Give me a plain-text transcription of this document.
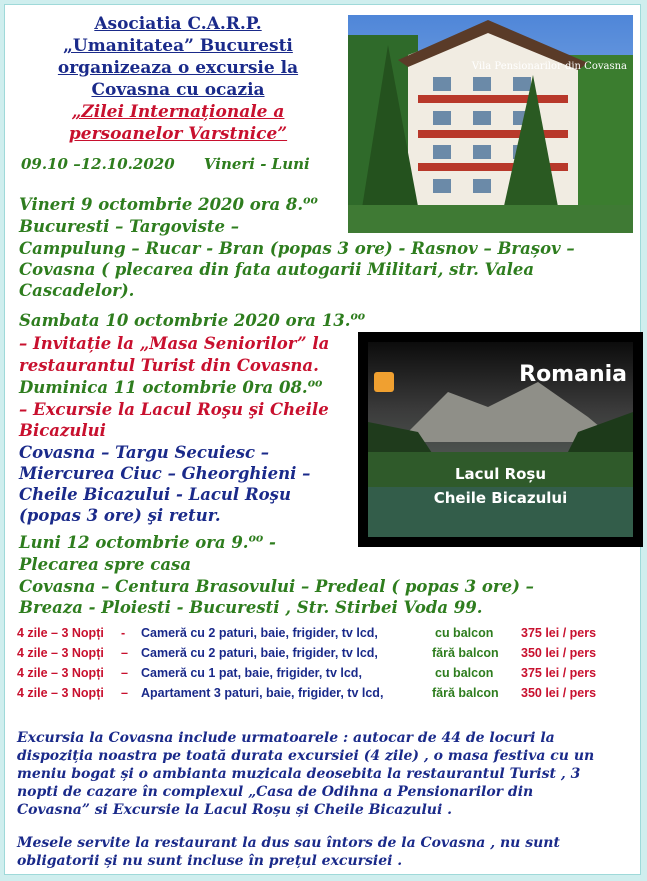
Asociatia C.A.R.P.
„Umanitatea” Bucuresti
organizeaza o excursie la
Covasna cu ocazia
„Zilei Internaționale a
persoanelor Varstnice”
09.10 –12.10.2020 Vineri - Luni
Vila Pensionarilor din Covasna
Vineri 9 octombrie 2020 ora 8.$^{oo}$
Bucuresti – Targoviste –
Campulung – Rucar - Bran (popas 3 ore) - Rasnov – Brașov –
Covasna ( plecarea din fata autogarii Militari, str. Valea
Cascadelor).
Sambata 10 octombrie 2020 ora 13.$^{oo}$
– Invitație la „Masa Seniorilor” la
restaurantul Turist din Covasna.	Romania
Lacul Roșu
Cheile Bicazului
Duminica 11 octombrie 0ra 08.$^{oo}$
– Excursie la Lacul Roşu şi Cheile
Bicazului
Covasna – Targu Secuiesc –
Miercurea Ciuc – Gheorghieni –
Cheile Bicazului - Lacul Roşu
(popas 3 ore) şi retur.
Luni 12 octombrie ora 9.$^{oo}$ -
Plecarea spre casa
Covasna – Centura Brasovului – Predeal ( popas 3 ore) –
Breaza - Ploiesti - Bucuresti , Str. Stirbei Voda 99.
4 zile – 3 Nopți - Cameră cu 2 paturi, baie, frigider, tv lcd,	cu balcon 375 lei / pers
4 zile – 3 Nopți – Cameră cu 2 paturi, baie, frigider, tv lcd,	fără balcon 350 lei / pers
4 zile – 3 Nopți – Cameră cu 1 pat, baie, frigider, tv lcd,	cu balcon 375 lei / pers
4 zile – 3 Nopți – Apartament 3 paturi, baie, frigider, tv lcd,	fără balcon 350 lei / pers
Excursia la Covasna include urmatoarele : autocar de 44 de locuri la
dispoziția noastra pe toată durata excursiei (4 zile) , o masa festiva cu un
meniu bogat și o ambianta muzicala deosebita la restaurantul Turist , 3
nopti de cazare în complexul „Casa de Odihna a Pensionarilor din
Covasna” si Excursie la Lacul Roșu și Cheile Bicazului .
Mesele servite la restaurant la dus sau întors de la Covasna , nu sunt
obligatorii și nu sunt incluse în prețul excursiei .
